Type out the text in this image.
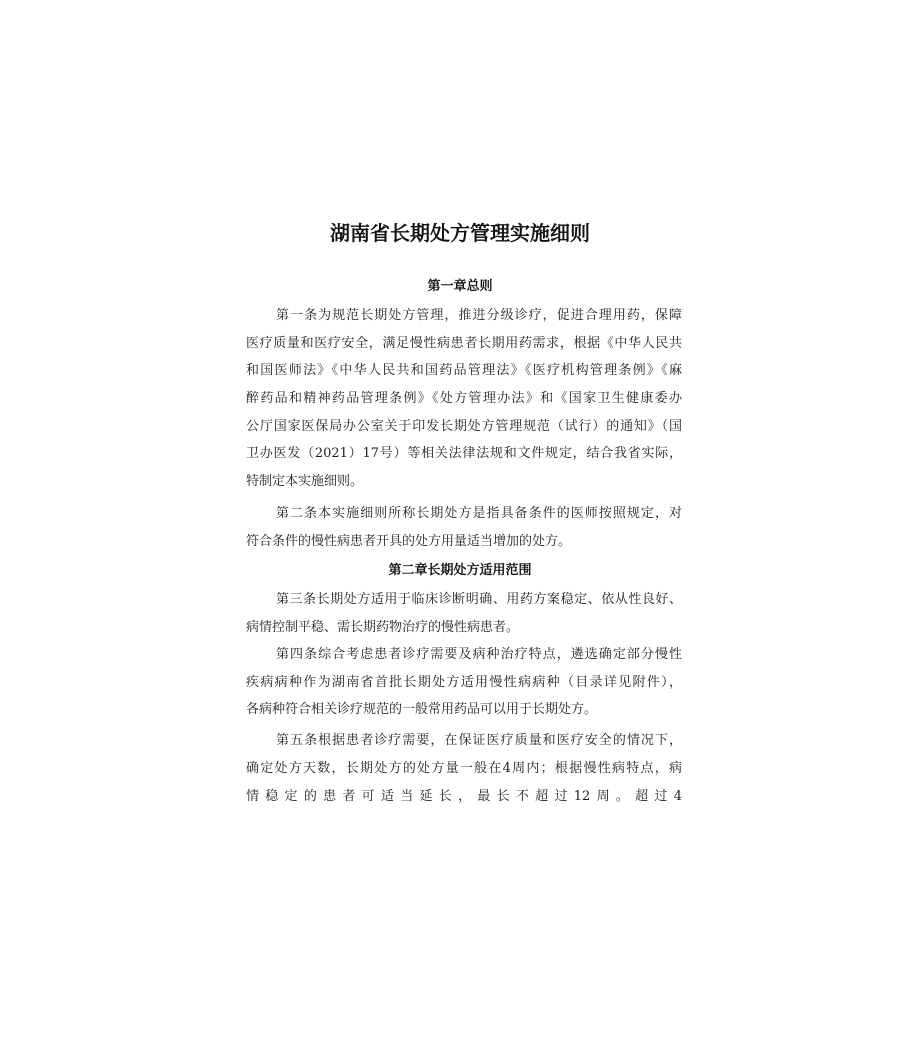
湖南省长期处方管理实施细则
第一章总则

第一条为规范长期处方管理，推进分级诊疗，促进合理用药，保障

医疗质量和医疗安全，满足慢性病患者长期用药需求，根据《中华人民共

和国医师法》《中华人民共和国药品管理法》《医疗机构管理条例》《麻

醉药品和精神药品管理条例》《处方管理办法》和《国家卫生健康委办

公厅国家医保局办公室关于印发长期处方管理规范（试行）的通知》（国

卫办医发（2021）17号）等相关法律法规和文件规定，结合我省实际，

特制定本实施细则。

第二条本实施细则所称长期处方是指具备条件的医师按照规定，对

符合条件的慢性病患者开具的处方用量适当增加的处方。

第二章长期处方适用范围

第三条长期处方适用于临床诊断明确、用药方案稳定、依从性良好、

病情控制平稳、需长期药物治疗的慢性病患者。

第四条综合考虑患者诊疗需要及病种治疗特点，遴选确定部分慢性

疾病病种作为湖南省首批长期处方适用慢性病病种（目录详见附件），

各病种符合相关诊疗规范的一般常用药品可以用于长期处方。

第五条根据患者诊疗需要，在保证医疗质量和医疗安全的情况下，

确定处方天数，长期处方的处方量一般在4周内；根据慢性病特点，病

情稳定的患者可适当延长，最长不超过12周。超过4
